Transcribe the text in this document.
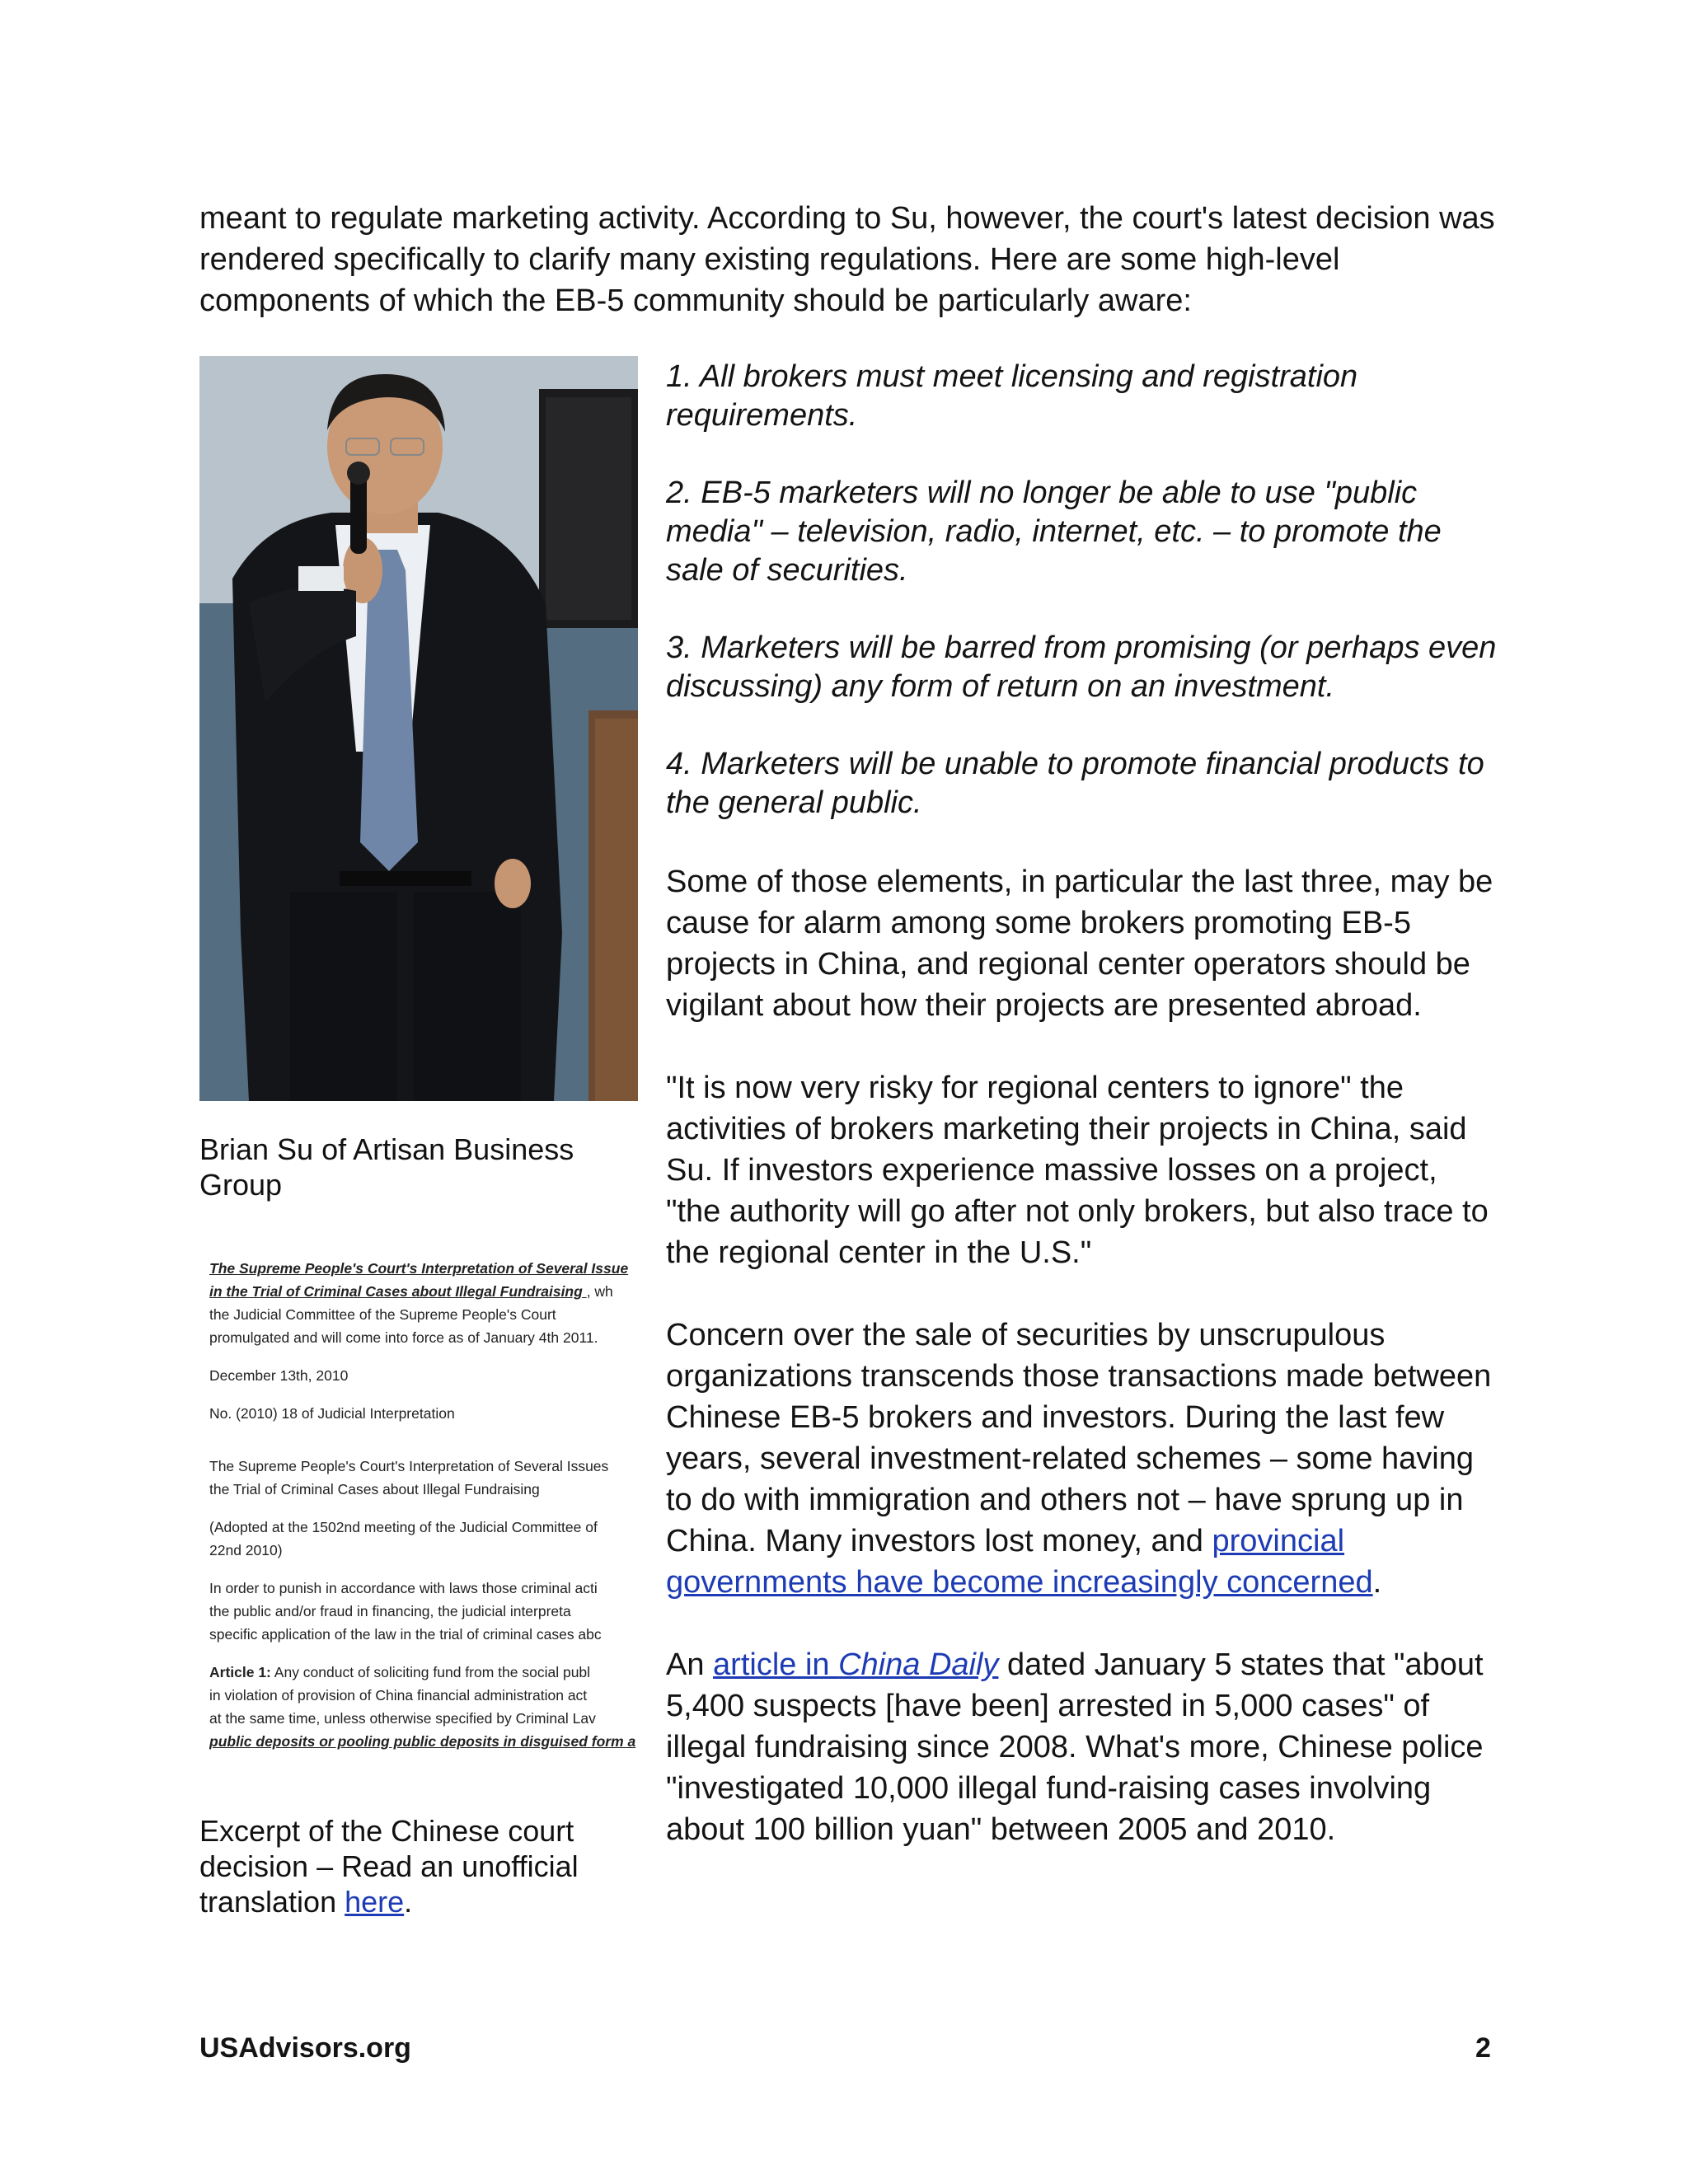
meant to regulate marketing activity. According to Su, however, the court's latest decision was rendered specifically to clarify many existing regulations. Here are some high-level components of which the EB-5 community should be particularly aware:

Brian Su of Artisan Business Group

The Supreme People's Court's Interpretation of Several Issue
in the Trial of Criminal Cases about Illegal Fundraising , wh
the Judicial Committee of the Supreme People's Court
promulgated and will come into force as of January 4th 2011.
December 13th, 2010
No. (2010) 18 of Judicial Interpretation
The Supreme People's Court's Interpretation of Several Issues
the Trial of Criminal Cases about Illegal Fundraising
(Adopted at the 1502nd meeting of the Judicial Committee of
22nd 2010)
In order to punish in accordance with laws those criminal acti
the public and/or fraud in financing, the judicial interpreta
specific application of the law in the trial of criminal cases abc
Article 1: Any conduct of soliciting fund from the social publ
in violation of provision of China financial administration act
at the same time, unless otherwise specified by Criminal Lav
public deposits or pooling public deposits in disguised form a

Excerpt of the Chinese court decision – Read an unofficial translation here.

1. All brokers must meet licensing and registration requirements.

2. EB-5 marketers will no longer be able to use "public media" – television, radio, internet, etc. – to promote the sale of securities.

3. Marketers will be barred from promising (or perhaps even discussing) any form of return on an investment.

4. Marketers will be unable to promote financial products to the general public.

Some of those elements, in particular the last three, may be cause for alarm among some brokers promoting EB-5 projects in China, and regional center operators should be vigilant about how their projects are presented abroad.

"It is now very risky for regional centers to ignore" the activities of brokers marketing their projects in China, said Su. If investors experience massive losses on a project, "the authority will go after not only brokers, but also trace to the regional center in the U.S."

Concern over the sale of securities by unscrupulous organizations transcends those transactions made between Chinese EB-5 brokers and investors. During the last few years, several investment-related schemes – some having to do with immigration and others not – have sprung up in China. Many investors lost money, and provincial governments have become increasingly concerned.

An article in China Daily dated January 5 states that "about 5,400 suspects [have been] arrested in 5,000 cases" of illegal fundraising since 2008. What's more, Chinese police "investigated 10,000 illegal fund-raising cases involving about 100 billion yuan" between 2005 and 2010.

USAdvisors.org	2
